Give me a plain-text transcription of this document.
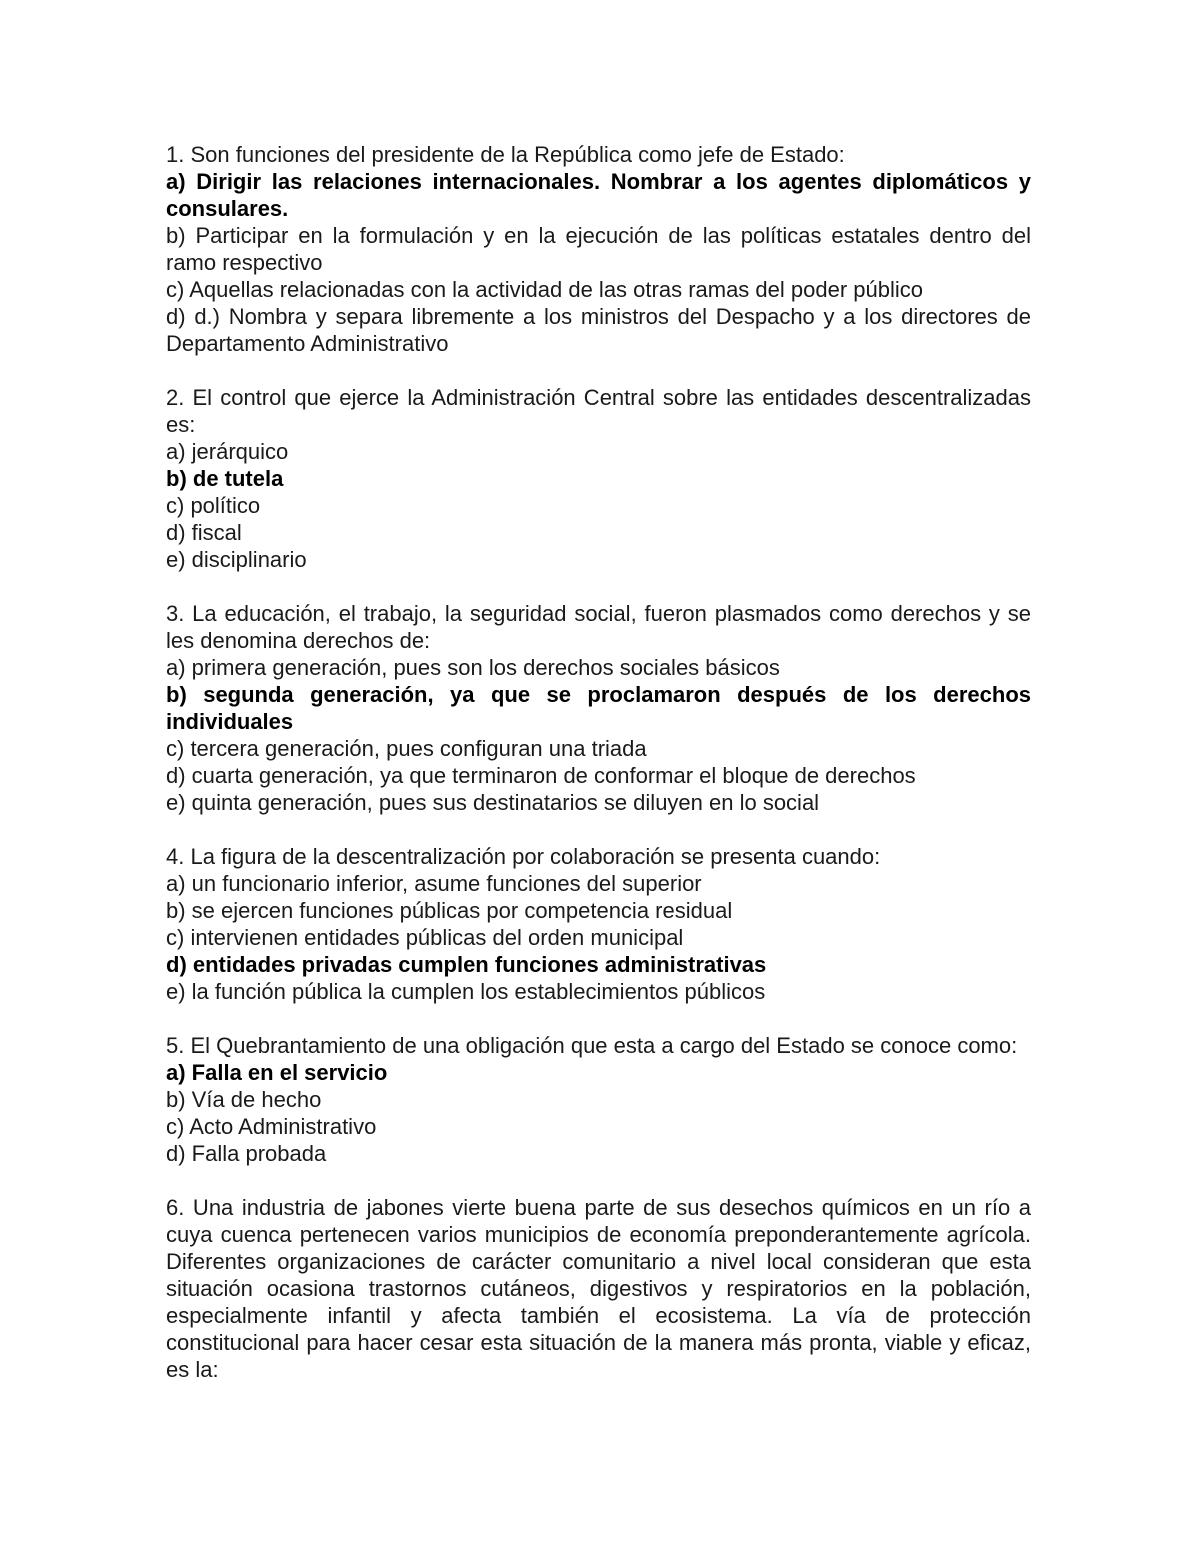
1. Son funciones del presidente de la República como jefe de Estado:

a) Dirigir las relaciones internacionales. Nombrar a los agentes diplomáticos y consulares.

b) Participar en la formulación y en la ejecución de las políticas estatales dentro del ramo respectivo

c) Aquellas relacionadas con la actividad de las otras ramas del poder público

d) d.) Nombra y separa libremente a los ministros del Despacho y a los directores de Departamento Administrativo

2. El control que ejerce la Administración Central sobre las entidades descentralizadas es:

a) jerárquico

b) de tutela

c) político

d) fiscal

e) disciplinario

3. La educación, el trabajo, la seguridad social, fueron plasmados como derechos y se les denomina derechos de:

a) primera generación, pues son los derechos sociales básicos

b) segunda generación, ya que se proclamaron después de los derechos individuales

c) tercera generación, pues configuran una triada

d) cuarta generación, ya que terminaron de conformar el bloque de derechos

e) quinta generación, pues sus destinatarios se diluyen en lo social

4. La figura de la descentralización por colaboración se presenta cuando:

a) un funcionario inferior, asume funciones del superior

b) se ejercen funciones públicas por competencia residual

c) intervienen entidades públicas del orden municipal

d) entidades privadas cumplen funciones administrativas

e) la función pública la cumplen los establecimientos públicos

5. El Quebrantamiento de una obligación que esta a cargo del Estado se conoce como:

a) Falla en el servicio

b) Vía de hecho

c) Acto Administrativo

d) Falla probada

6. Una industria de jabones vierte buena parte de sus desechos químicos en un río a cuya cuenca pertenecen varios municipios de economía preponderantemente agrícola. Diferentes organizaciones de carácter comunitario a nivel local consideran que esta situación ocasiona trastornos cutáneos, digestivos y respiratorios en la población, especialmente infantil y afecta también el ecosistema. La vía de protección constitucional para hacer cesar esta situación de la manera más pronta, viable y eficaz, es la:
